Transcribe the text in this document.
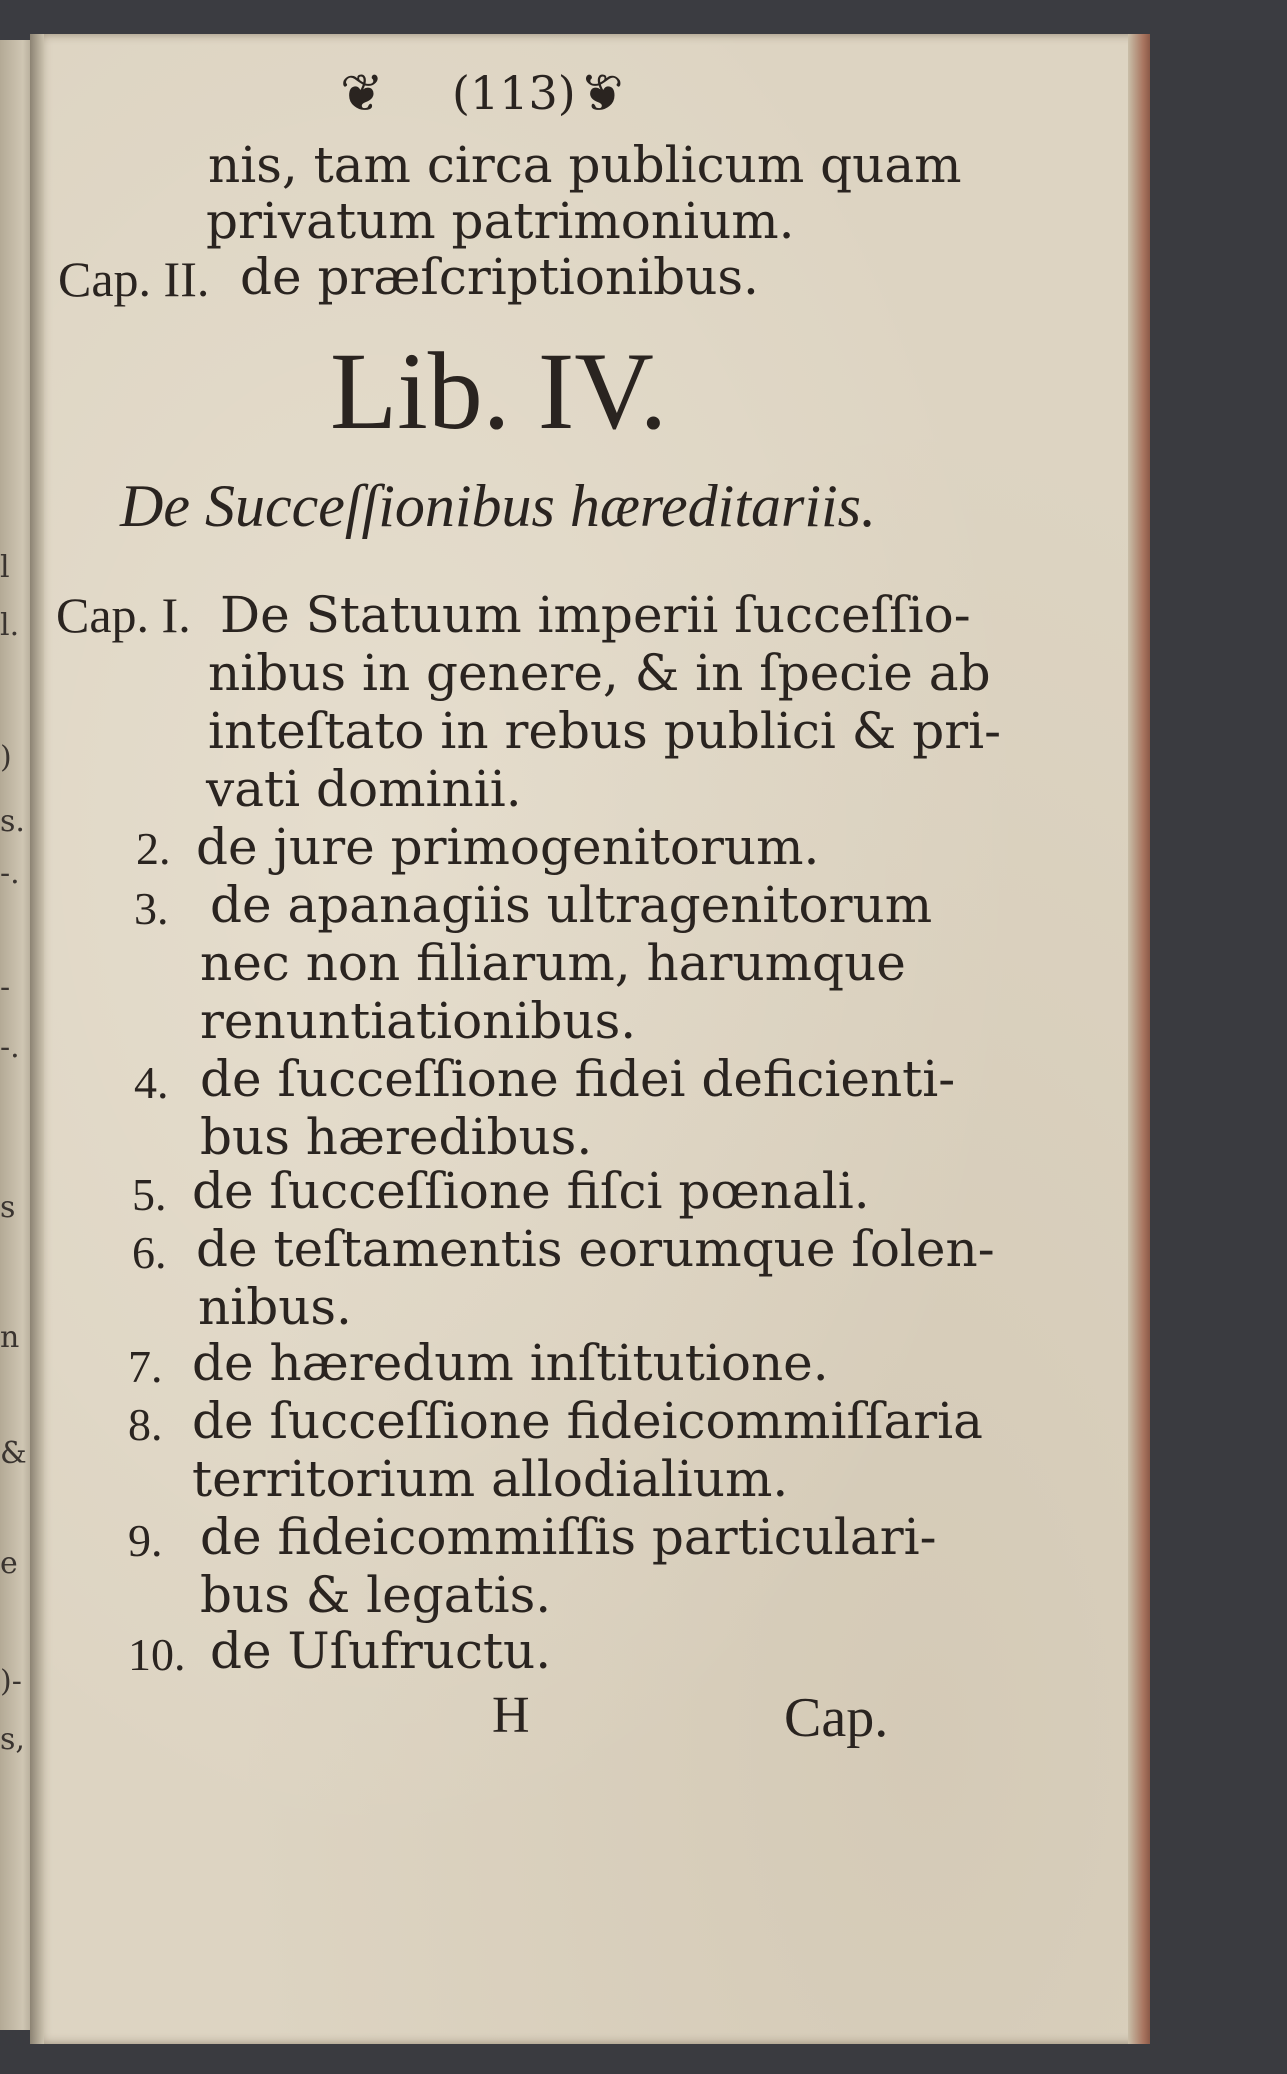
l
l.
)
s.
-.
-
-.
s
n
&
e
)-
s,
❦ (113) ❦
nis, tam circa publicum quam
privatum patrimonium.
Cap. II. de præſcriptionibus.
Lib. IV.
De Succeſſionibus hæreditariis.
Cap. I. De Statuum imperii ſucceſſio-
nibus in genere, & in ſpecie ab
inteſtato in rebus publici & pri-
vati dominii.
2. de jure primogenitorum.
3. de apanagiis ultragenitorum
nec non filiarum, harumque
renuntiationibus.
4. de ſucceſſione fidei deficienti-
bus hæredibus.
5. de ſucceſſione fiſci pœnali.
6. de teſtamentis eorumque ſolen-
nibus.
7. de hæredum inſtitutione.
8. de ſucceſſione fideicommiſſaria
territorium allodialium.
9. de fideicommiſſis particulari-
bus & legatis.
10. de Uſufructu.
H	Cap.
